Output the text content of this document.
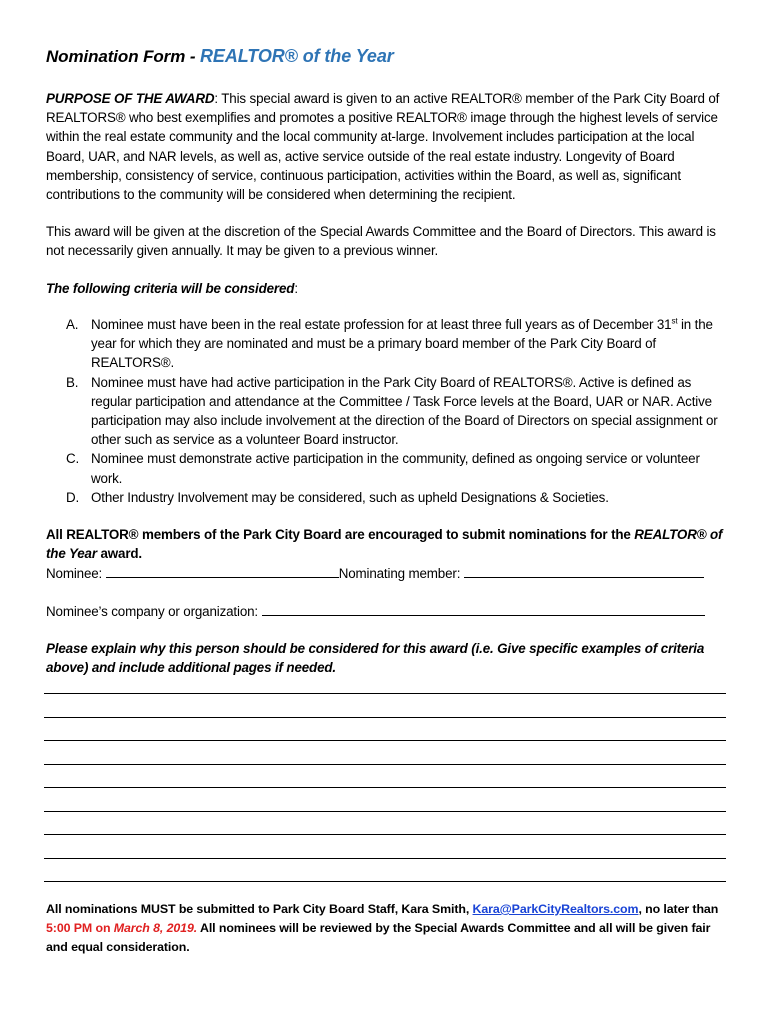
Nomination Form - REALTOR® of the Year
PURPOSE OF THE AWARD: This special award is given to an active REALTOR® member of the Park City Board of REALTORS® who best exemplifies and promotes a positive REALTOR® image through the highest levels of service within the real estate community and the local community at-large. Involvement includes participation at the local Board, UAR, and NAR levels, as well as, active service outside of the real estate industry. Longevity of Board membership, consistency of service, continuous participation, activities within the Board, as well as, significant contributions to the community will be considered when determining the recipient.
This award will be given at the discretion of the Special Awards Committee and the Board of Directors. This award is not necessarily given annually. It may be given to a previous winner.
The following criteria will be considered:
A. Nominee must have been in the real estate profession for at least three full years as of December 31st in the year for which they are nominated and must be a primary board member of the Park City Board of REALTORS®.
B. Nominee must have had active participation in the Park City Board of REALTORS®. Active is defined as regular participation and attendance at the Committee / Task Force levels at the Board, UAR or NAR. Active participation may also include involvement at the direction of the Board of Directors on special assignment or other such as service as a volunteer Board instructor.
C. Nominee must demonstrate active participation in the community, defined as ongoing service or volunteer work.
D. Other Industry Involvement may be considered, such as upheld Designations & Societies.
All REALTOR® members of the Park City Board are encouraged to submit nominations for the REALTOR® of the Year award.
Nominee:	Nominating member:
Nominee’s company or organization:
Please explain why this person should be considered for this award (i.e. Give specific examples of criteria above) and include additional pages if needed.
All nominations MUST be submitted to Park City Board Staff, Kara Smith, Kara@ParkCityRealtors.com, no later than
5:00 PM on March 8, 2019. All nominees will be reviewed by the Special Awards Committee and all will be given fair and equal consideration.
